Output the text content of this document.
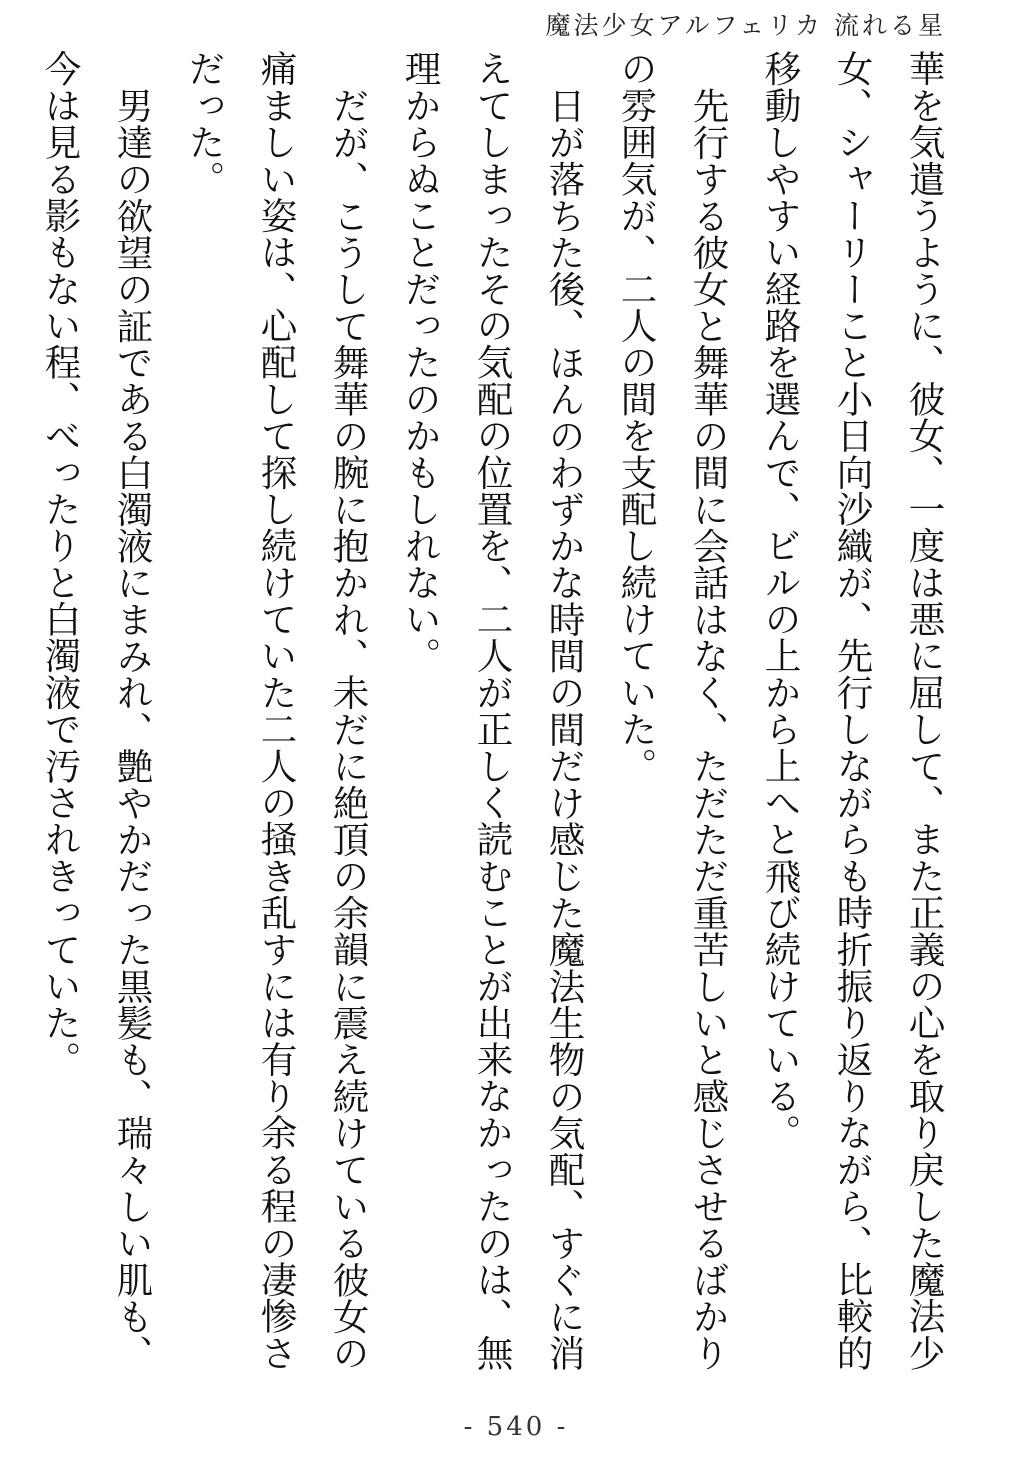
魔法少女アルフェリカ 流れる星

華を気遣うように、彼女、一度は悪に屈して、また正義の心を取り戻した魔法少女、シャーリーこと小日向沙織が、先行しながらも時折振り返りながら、比較的移動しやすい経路を選んで、ビルの上から上へと飛び続けている。

先行する彼女と舞華の間に会話はなく、ただただ重苦しいと感じさせるばかりの雰囲気が、二人の間を支配し続けていた。

日が落ちた後、ほんのわずかな時間の間だけ感じた魔法生物の気配、すぐに消えてしまったその気配の位置を、二人が正しく読むことが出来なかったのは、無理からぬことだったのかもしれない。

だが、こうして舞華の腕に抱かれ、未だに絶頂の余韻に震え続けている彼女の痛ましい姿は、心配して探し続けていた二人の掻き乱すには有り余る程の凄惨さだった。

男達の欲望の証である白濁液にまみれ、艶やかだった黒髪も、瑞々しい肌も、今は見る影もない程、べったりと白濁液で汚されきっていた。

- 540 -
